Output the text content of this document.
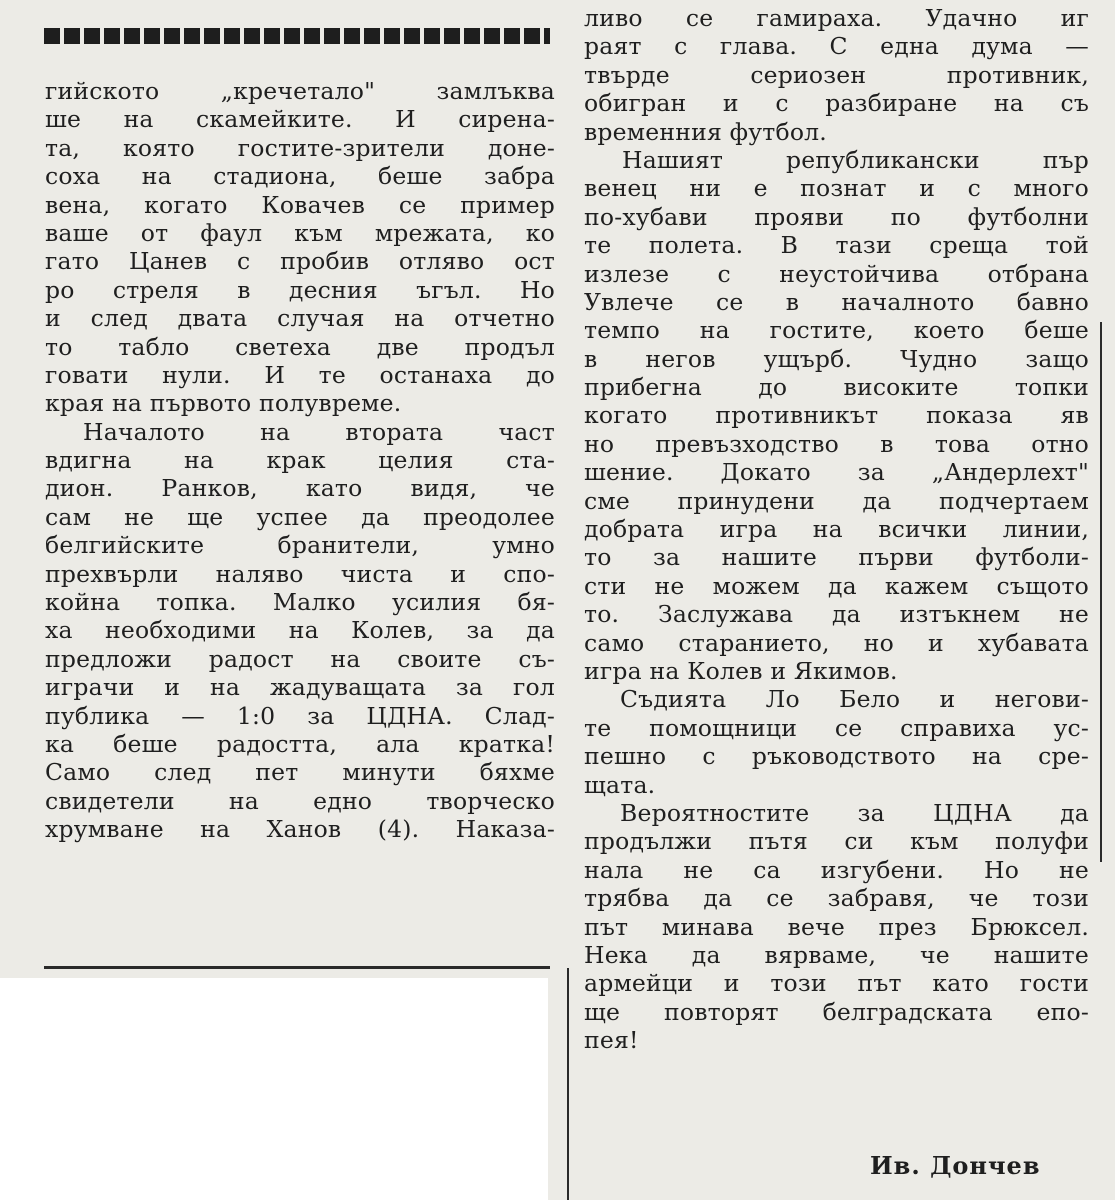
гийското „кречетало" замлъква
ше на скамейките. И сирена-
та, която гостите-зрители доне-
соха на стадиона, беше забра
вена, когато Ковачев се пример
ваше от фаул към мрежата, ко
гато Цанев с пробив отляво ост
ро стреля в десния ъгъл. Но
и след двата случая на отчетно
то табло светеха две продъл
говати нули. И те останаха до
края на първото полувреме.
Началото на втората част
вдигна на крак целия ста-
дион. Ранков, като видя, че
сам не ще успее да преодолее
белгийските бранители, умно
прехвърли наляво чиста и спо-
койна топка. Малко усилия бя-
ха необходими на Колев, за да
предложи радост на своите съ-
играчи и на жадуващата за гол
публика — 1:0 за ЦДНА. Слад-
ка беше радостта, ала кратка!
Само след пет минути бяхме
свидетели на едно творческо
хрумване на Ханов (4). Наказа-
ливо се гамираха. Удачно иг
раят с глава. С една дума —
твърде сериозен противник,
обигран и с разбиране на съ
временния футбол.
Нашият републикански пър
венец ни е познат и с много
по-хубави прояви по футболни
те полета. В тази среща той
излезе с неустойчива отбрана
Увлече се в началното бавно
темпо на гостите, което беше
в негов ущърб. Чудно защо
прибегна до високите топки
когато противникът показа яв
но превъзходство в това отно
шение. Докато за „Андерлехт"
сме принудени да подчертаем
добрата игра на всички линии,
то за нашите първи футболи-
сти не можем да кажем същото
то. Заслужава да изтъкнем не
само старанието, но и хубавата
игра на Колев и Якимов.
Съдията Ло Бело и негови-
те помощници се справиха ус-
пешно с ръководството на сре-
щата.
Вероятностите за ЦДНА да
продължи пътя си към полуфи
нала не са изгубени. Но не
трябва да се забравя, че този
път минава вече през Брюксел.
Нека да вярваме, че нашите
армейци и този път като гости
ще повторят белградската епо-
пея!
Ив. Дончев
